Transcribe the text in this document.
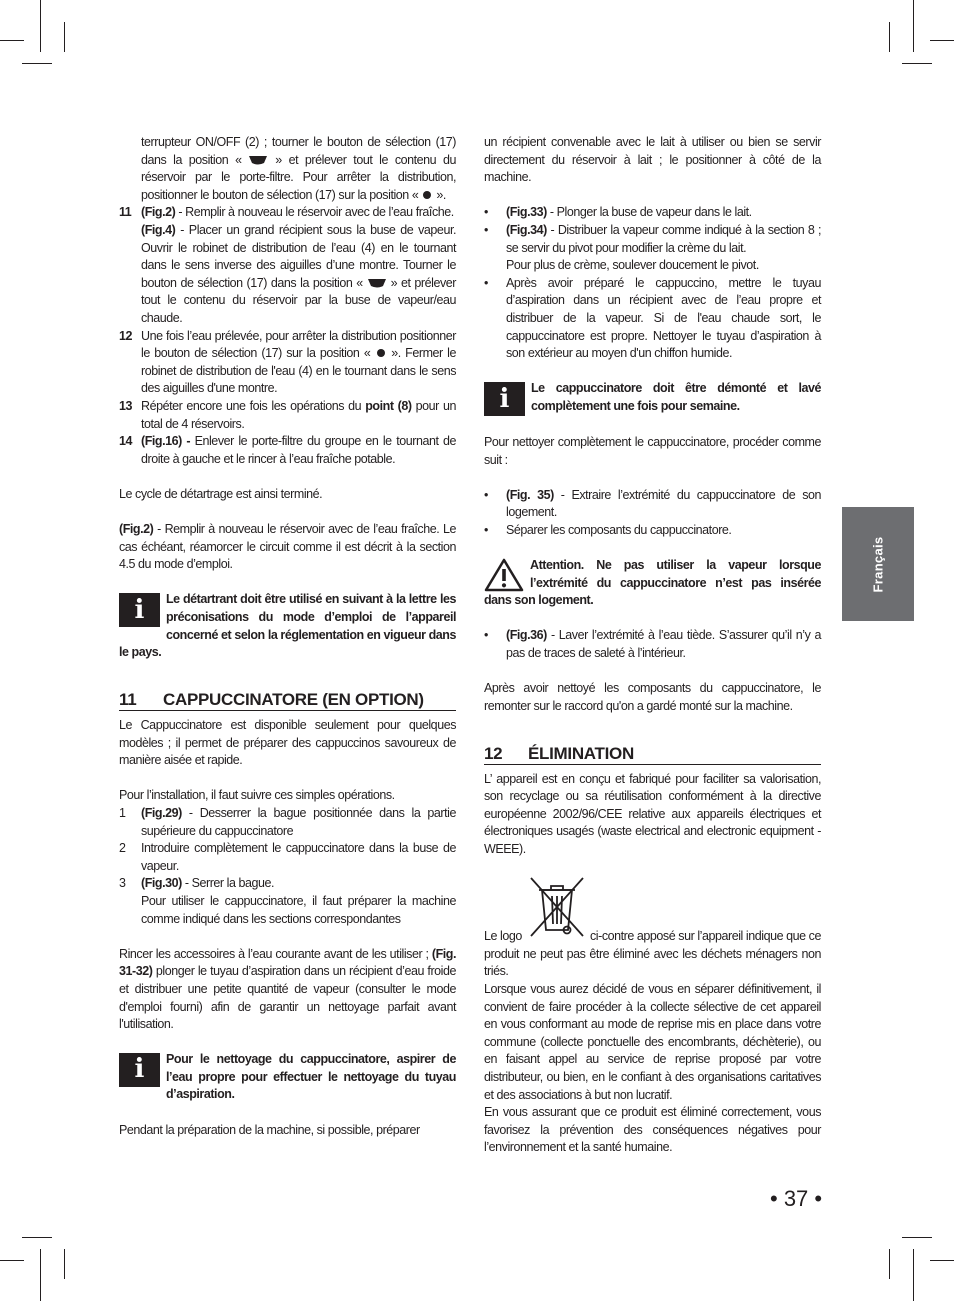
terrupteur ON/OFF (2) ; tourner le bouton de sélection (17) dans la position «  » et prélever tout le contenu du réservoir par le porte-filtre. Pour arrêter la distribution, positionner le bouton de sélection (17) sur la position «  ».
11 (Fig.2) - Remplir à nouveau le réservoir avec de l’eau fraîche.
(Fig.4) - Placer un grand récipient sous la buse de vapeur. Ouvrir le robinet de distribution de l’eau (4) en le tournant dans le sens inverse des aiguilles d’une montre. Tourner le bouton de sélection (17) dans la position «  » et prélever tout le contenu du réservoir par la buse de vapeur/eau chaude.
12 Une fois l’eau prélevée, pour arrêter la distribution positionner le bouton de sélection (17) sur la position «  ». Fermer le robinet de distribution de l'eau (4) en le tournant dans le sens des aiguilles d'une montre.
13 Répéter encore une fois les opérations du point (8) pour un total de 4 réservoirs.
14 (Fig.16) - Enlever le porte-filtre du groupe en le tournant de droite à gauche et le rincer à l’eau fraîche potable.

Le cycle de détartrage est ainsi terminé.

(Fig.2) - Remplir à nouveau le réservoir avec de l’eau fraîche. Le cas échéant, réamorcer le circuit comme il est décrit à la section 4.5 du mode d’emploi.

i	Le détartrant doit être utilisé en suivant à la lettre les préconisations du mode d’emploi de l’appareil concerné et selon la réglementation en vigueur dans le pays.
11	CAPPUCCINATORE (EN OPTION)

Le Cappuccinatore est disponible seulement pour quelques modèles ; il permet de préparer des cappuccinos savoureux de manière aisée et rapide.

Pour l’installation, il faut suivre ces simples opérations.

1	(Fig.29) - Desserrer la bague positionnée dans la partie supérieure du cappuccinatore
2	Introduire complètement le cappuccinatore dans la buse de vapeur.
3	(Fig.30) - Serrer la bague.
Pour utiliser le cappuccinatore, il faut préparer la machine comme indiqué dans les sections correspondantes

Rincer les accessoires à l’eau courante avant de les utiliser ; (Fig. 31-32) plonger le tuyau d’aspiration dans un récipient d’eau froide et distribuer une petite quantité de vapeur (consulter le mode d'emploi fourni) afin de garantir un nettoyage parfait avant l'utilisation.

i	Pour le nettoyage du cappuccinatore, aspirer de l’eau propre pour effectuer le nettoyage du tuyau d’aspiration.

Pendant la préparation de la machine, si possible, préparer

un récipient convenable avec le lait à utiliser ou bien se servir directement du réservoir à lait ; le positionner à côté de la machine.

•	(Fig.33) - Plonger la buse de vapeur dans le lait.
•	(Fig.34) - Distribuer la vapeur comme indiqué à la section 8 ; se servir du pivot pour modifier la crème du lait.
Pour plus de crème, soulever doucement le pivot.
•	Après avoir préparé le cappuccino, mettre le tuyau d’aspiration dans un récipient avec de l’eau propre et distribuer de la vapeur. Si de l'eau chaude sort, le cappuccinatore est propre. Nettoyer le tuyau d’aspiration à son extérieur au moyen d'un chiffon humide.
i	Le cappuccinatore doit être démonté et lavé complètement une fois pour semaine.

Pour nettoyer complètement le cappuccinatore, procéder comme suit :

•	(Fig. 35) - Extraire l’extrémité du cappuccinatore de son logement.
•	Séparer les composants du cappuccinatore.
Attention. Ne pas utiliser la vapeur lorsque l’extrémité du cappuccinatore n’est pas insérée dans son logement.
•	(Fig.36) - Laver l’extrémité à l’eau tiède. S’assurer qu’il n’y a pas de traces de saleté à l’intérieur.

Après avoir nettoyé les composants du cappuccinatore, le remonter sur le raccord qu'on a gardé monté sur la machine.

12	ÉLIMINATION

L’ appareil est en conçu et fabriqué pour faciliter sa valorisation, son recyclage ou sa réutilisation conformément à la directive européenne 2002/96/CEE relative aux appareils électriques et électroniques usagés (waste electrical and electronic equipment - WEEE).

Le logo	ci-contre apposé sur l’appareil indique que ce produit ne peut pas être éliminé avec les déchets ménagers non triés.

Lorsque vous aurez décidé de vous en séparer définitivement, il convient de faire procéder à la collecte sélective de cet appareil en vous conformant au mode de reprise mis en place dans votre commune (collecte ponctuelle des encombrants, déchèterie), ou en faisant appel au service de reprise proposé par votre distributeur, ou bien, en le confiant à des organisations caritatives et des associations à but non lucratif.

En vous assurant que ce produit est éliminé correctement, vous favorisez la prévention des conséquences négatives pour l’environnement et la santé humaine.

Français
• 37 •
